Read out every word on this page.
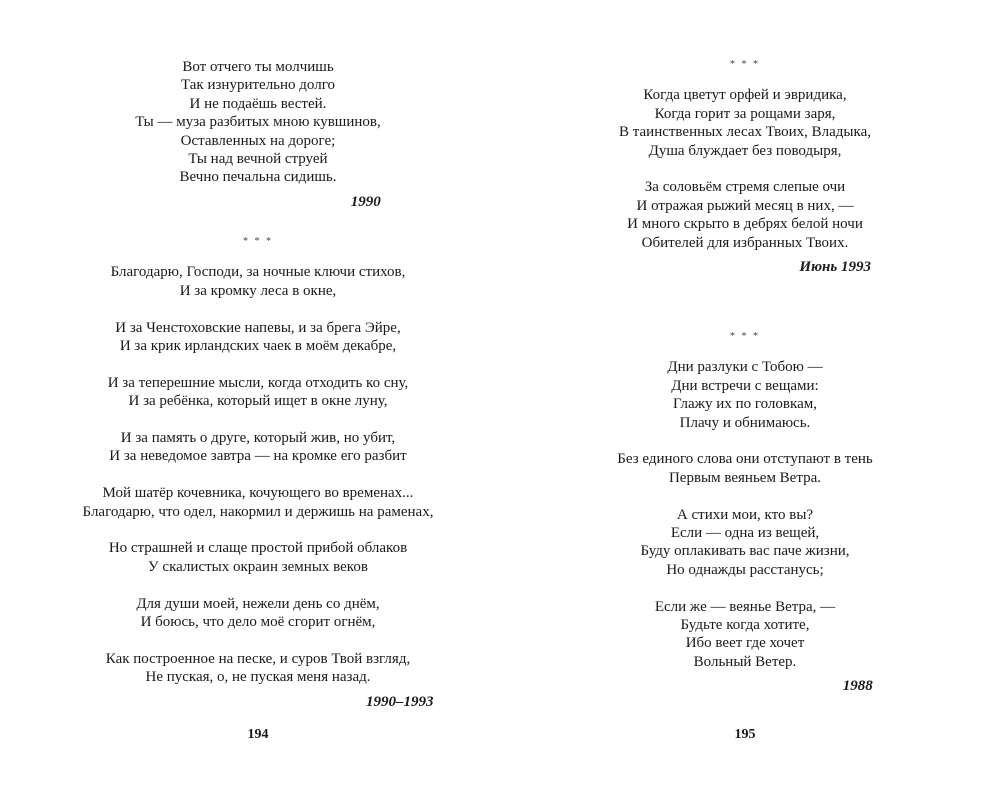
Вот отчего ты молчишь
Так изнурительно долго
И не подаёшь вестей.
Ты — муза разбитых мною кувшинов,
Оставленных на дороге;
Ты над вечной струей
Вечно печальна сидишь.
1990
* * *
Благодарю, Господи, за ночные ключи стихов,
И за кромку леса в окне,
И за Ченстоховские напевы, и за брега Эйре,
И за крик ирландских чаек в моём декабре,
И за теперешние мысли, когда отходить ко сну,
И за ребёнка, который ищет в окне луну,
И за память о друге, который жив, но убит,
И за неведомое завтра — на кромке его разбит
Мой шатёр кочевника, кочующего во временах...
Благодарю, что одел, накормил и держишь на раменах,
Но страшней и слаще простой прибой облаков
У скалистых окраин земных веков
Для души моей, нежели день со днём,
И боюсь, что дело моё сгорит огнём,
Как построенное на песке, и суров Твой взгляд,
Не пуская, о, не пуская меня назад.
1990–1993
194
* * *
Когда цветут орфей и эвридика,
Когда горит за рощами заря,
В таинственных лесах Твоих, Владыка,
Душа блуждает без поводыря,
За соловьём стремя слепые очи
И отражая рыжий месяц в них, —
И много скрыто в дебрях белой ночи
Обителей для избранных Твоих.
Июнь 1993
* * *
Дни разлуки с Тобою —
Дни встречи с вещами:
Глажу их по головкам,
Плачу и обнимаюсь.
Без единого слова они отступают в тень
Первым веяньем Ветра.
А стихи мои, кто вы?
Если — одна из вещей,
Буду оплакивать вас паче жизни,
Но однажды расстанусь;
Если же — веянье Ветра, —
Будьте когда хотите,
Ибо веет где хочет
Вольный Ветер.
1988
195
